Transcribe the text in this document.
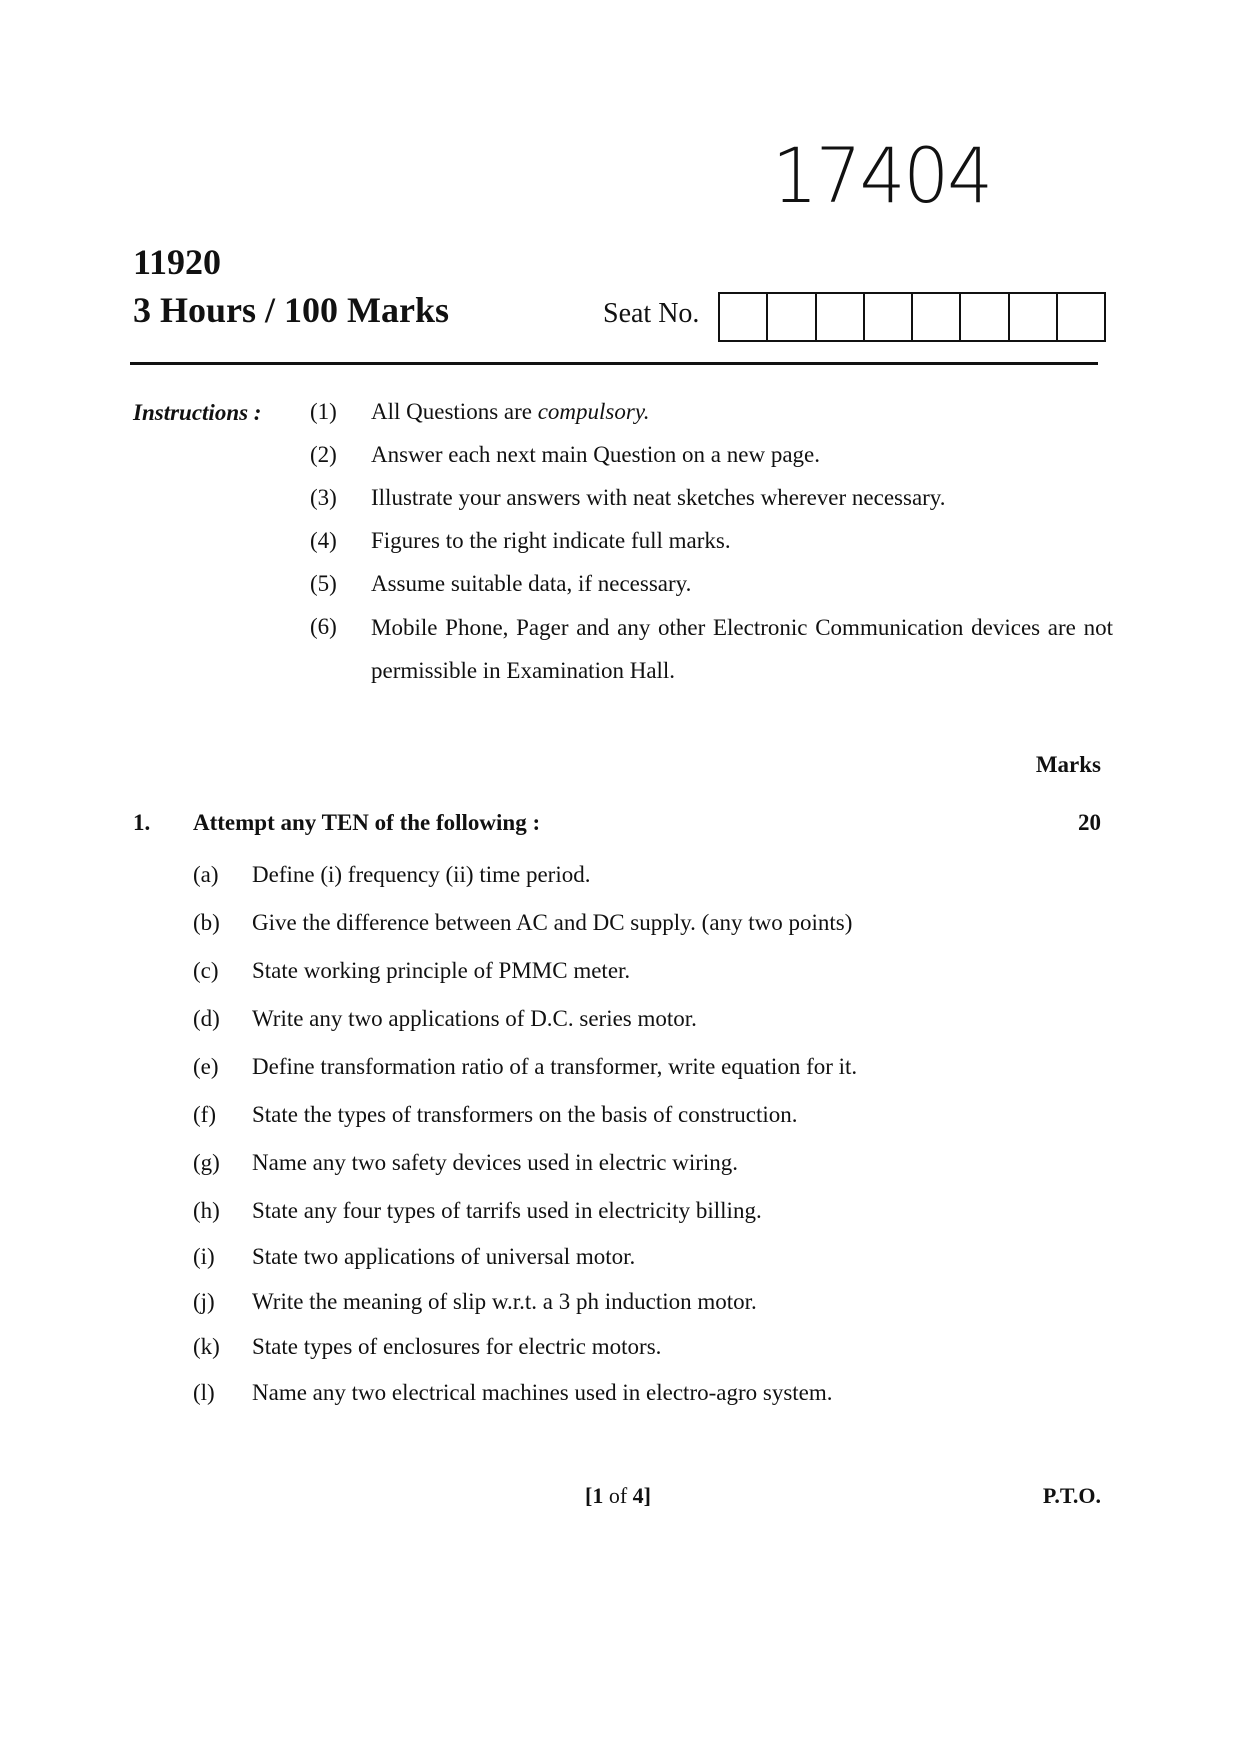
17404
11920
3 Hours / 100 Marks	Seat No.
Instructions : (1) All Questions are compulsory.
(2) Answer each next main Question on a new page.
(3) Illustrate your answers with neat sketches wherever necessary.
(4) Figures to the right indicate full marks.
(5) Assume suitable data, if necessary.
(6) Mobile Phone, Pager and any other Electronic Communication devices are not permissible in Examination Hall.
Marks
1. Attempt any TEN of the following :	20
(a) Define (i) frequency (ii) time period.
(b) Give the difference between AC and DC supply. (any two points)
(c) State working principle of PMMC meter.
(d) Write any two applications of D.C. series motor.
(e) Define transformation ratio of a transformer, write equation for it.
(f) State the types of transformers on the basis of construction.
(g) Name any two safety devices used in electric wiring.
(h) State any four types of tarrifs used in electricity billing.
(i) State two applications of universal motor.
(j) Write the meaning of slip w.r.t. a 3 ph induction motor.
(k) State types of enclosures for electric motors.
(l) Name any two electrical machines used in electro-agro system.
[1 of 4]	P.T.O.
